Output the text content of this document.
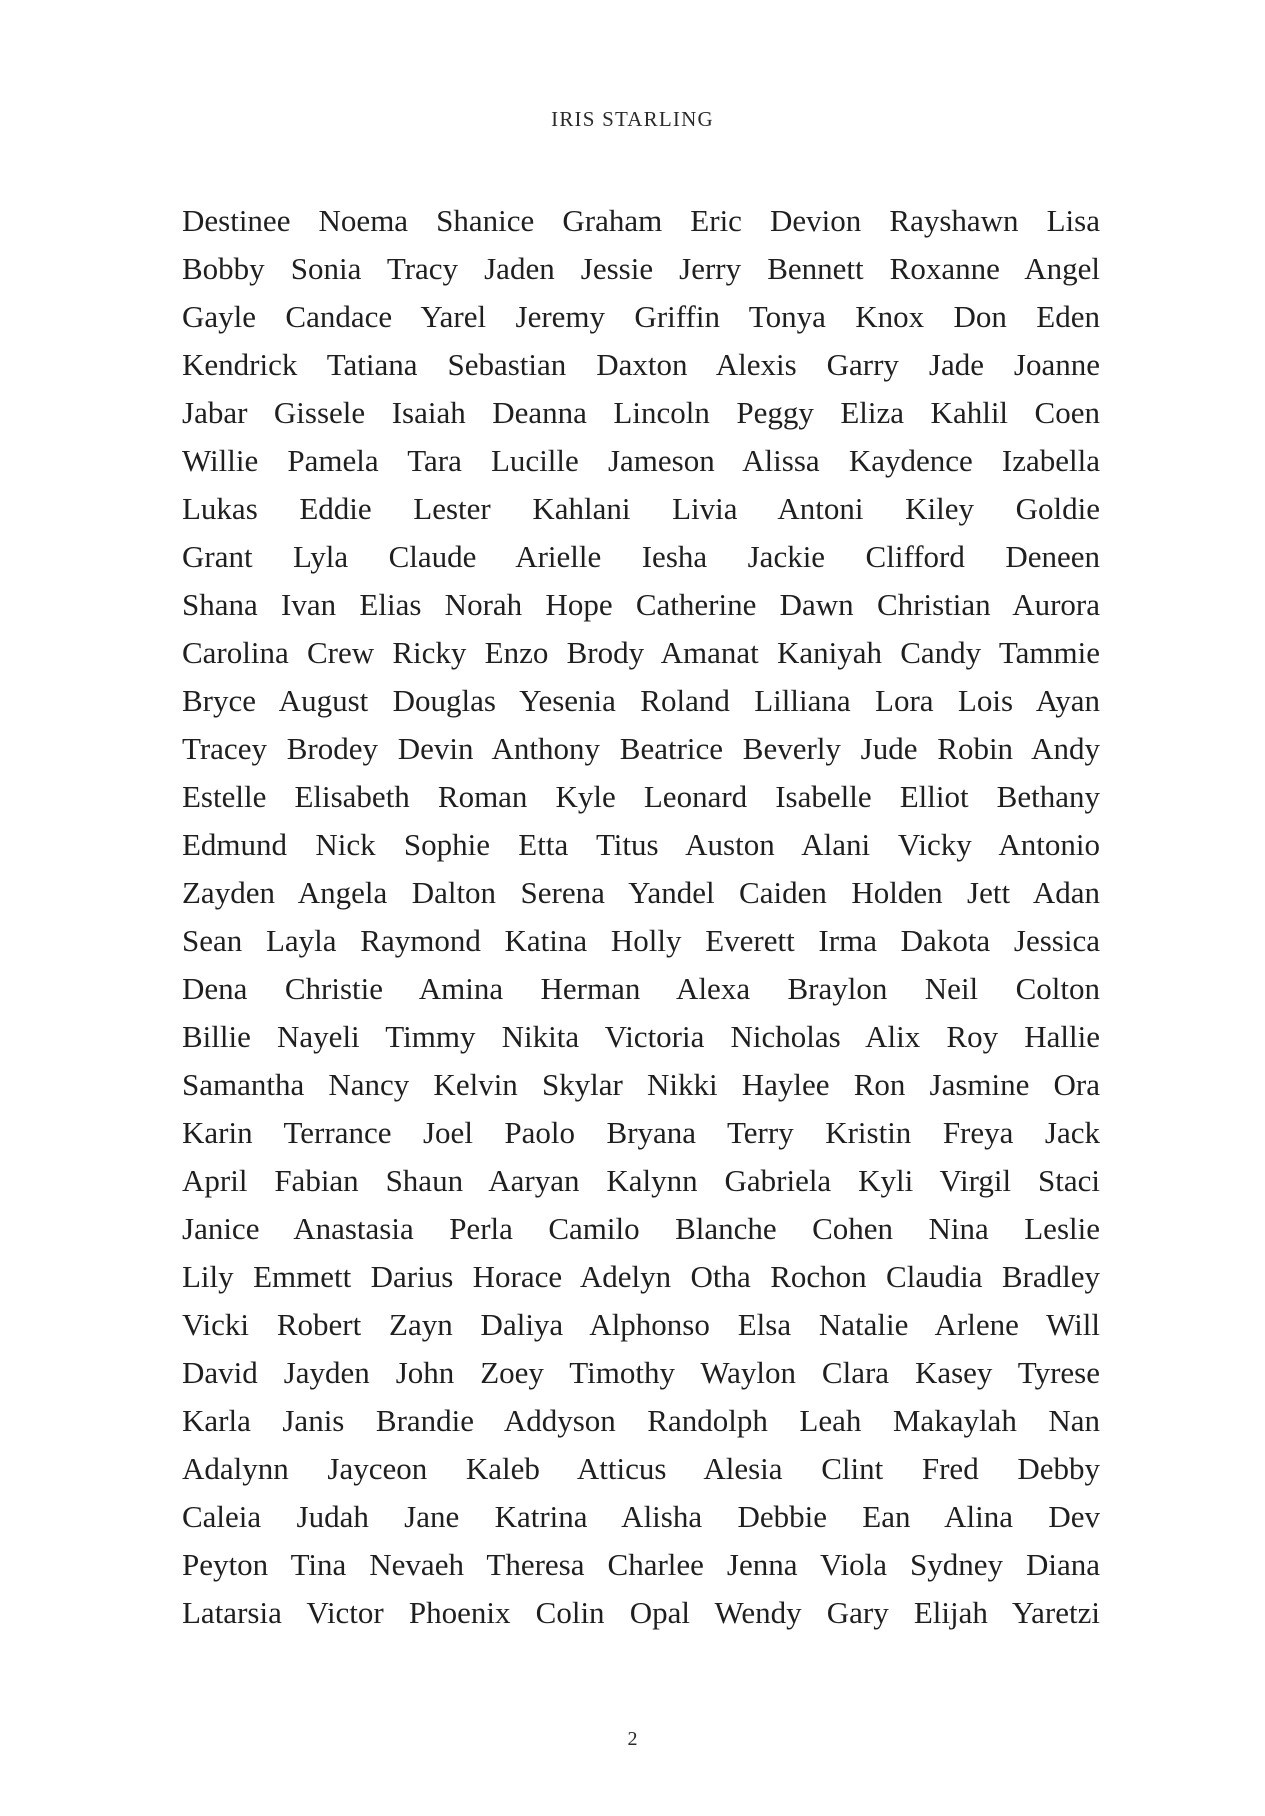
IRIS STARLING
Destinee Noema Shanice Graham Eric Devion Rayshawn Lisa
Bobby Sonia Tracy Jaden Jessie Jerry Bennett Roxanne Angel
Gayle Candace Yarel Jeremy Griffin Tonya Knox Don Eden
Kendrick Tatiana Sebastian Daxton Alexis Garry Jade Joanne
Jabar Gissele Isaiah Deanna Lincoln Peggy Eliza Kahlil Coen
Willie Pamela Tara Lucille Jameson Alissa Kaydence Izabella
Lukas Eddie Lester Kahlani Livia Antoni Kiley Goldie
Grant Lyla Claude Arielle Iesha Jackie Clifford Deneen
Shana Ivan Elias Norah Hope Catherine Dawn Christian Aurora
Carolina Crew Ricky Enzo Brody Amanat Kaniyah Candy Tammie
Bryce August Douglas Yesenia Roland Lilliana Lora Lois Ayan
Tracey Brodey Devin Anthony Beatrice Beverly Jude Robin Andy
Estelle Elisabeth Roman Kyle Leonard Isabelle Elliot Bethany
Edmund Nick Sophie Etta Titus Auston Alani Vicky Antonio
Zayden Angela Dalton Serena Yandel Caiden Holden Jett Adan
Sean Layla Raymond Katina Holly Everett Irma Dakota Jessica
Dena Christie Amina Herman Alexa Braylon Neil Colton
Billie Nayeli Timmy Nikita Victoria Nicholas Alix Roy Hallie
Samantha Nancy Kelvin Skylar Nikki Haylee Ron Jasmine Ora
Karin Terrance Joel Paolo Bryana Terry Kristin Freya Jack
April Fabian Shaun Aaryan Kalynn Gabriela Kyli Virgil Staci
Janice Anastasia Perla Camilo Blanche Cohen Nina Leslie
Lily Emmett Darius Horace Adelyn Otha Rochon Claudia Bradley
Vicki Robert Zayn Daliya Alphonso Elsa Natalie Arlene Will
David Jayden John Zoey Timothy Waylon Clara Kasey Tyrese
Karla Janis Brandie Addyson Randolph Leah Makaylah Nan
Adalynn Jayceon Kaleb Atticus Alesia Clint Fred Debby
Caleia Judah Jane Katrina Alisha Debbie Ean Alina Dev
Peyton Tina Nevaeh Theresa Charlee Jenna Viola Sydney Diana
Latarsia Victor Phoenix Colin Opal Wendy Gary Elijah Yaretzi
2
